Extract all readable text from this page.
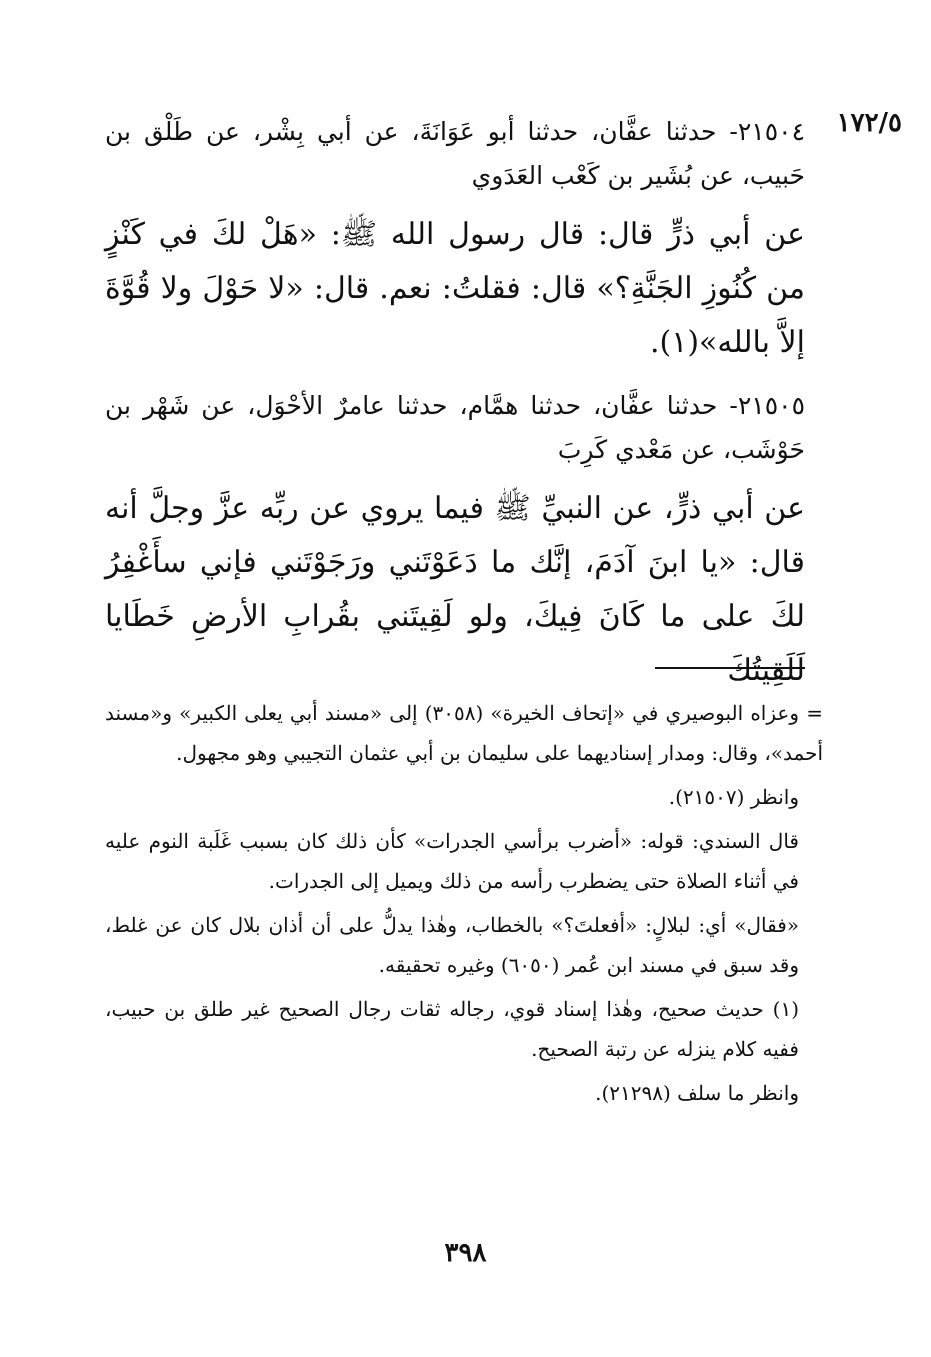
١٧٢/٥
٢١٥٠٤- حدثنا عفَّان، حدثنا أبو عَوَانَةَ، عن أبي بِشْر، عن طَلْق بن حَبيب، عن بُشَير بن كَعْب العَدَوي
عن أبي ذرٍّ قال: قال رسول الله ﷺ: «هَلْ لكَ في كَنْزٍ من كُنُوزِ الجَنَّةِ؟» قال: فقلتُ: نعم. قال: «لا حَوْلَ ولا قُوَّةَ إلاَّ بالله»(١).
٢١٥٠٥- حدثنا عفَّان، حدثنا همَّام، حدثنا عامرٌ الأحْوَل، عن شَهْر بن حَوْشَب، عن مَعْدي كَرِبَ
عن أبي ذرٍّ، عن النبيِّ ﷺ فيما يروي عن ربِّه عزَّ وجلَّ أنه قال: «يا ابنَ آدَمَ، إنَّك ما دَعَوْتَني ورَجَوْتَني فإني سأَغْفِرُ لكَ على ما كَانَ فِيكَ، ولو لَقِيتَني بقُرابِ الأرضِ خَطَايا لَلَقِيتُكَ

=وعزاه البوصيري في «إتحاف الخيرة» (٣٠٥٨) إلى «مسند أبي يعلى الكبير» و«مسند أحمد»، وقال: ومدار إسناديهما على سليمان بن أبي عثمان التجيبي وهو مجهول.

وانظر (٢١٥٠٧).

قال السندي: قوله: «أضرب برأسي الجدرات» كأن ذلك كان بسبب غَلَبة النوم عليه في أثناء الصلاة حتى يضطرب رأسه من ذلك ويميل إلى الجدرات.

«فقال» أي: لبلالٍ: «أفعلتَ؟» بالخطاب، وهٰذا يدلُّ على أن أذان بلال كان عن غلط، وقد سبق في مسند ابن عُمر (٦٠٥٠) وغيره تحقيقه.

(١) حديث صحيح، وهٰذا إسناد قوي، رجاله ثقات رجال الصحيح غير طلق بن حبيب، ففيه كلام ينزله عن رتبة الصحيح.

وانظر ما سلف (٢١٢٩٨).

٣٩٨
